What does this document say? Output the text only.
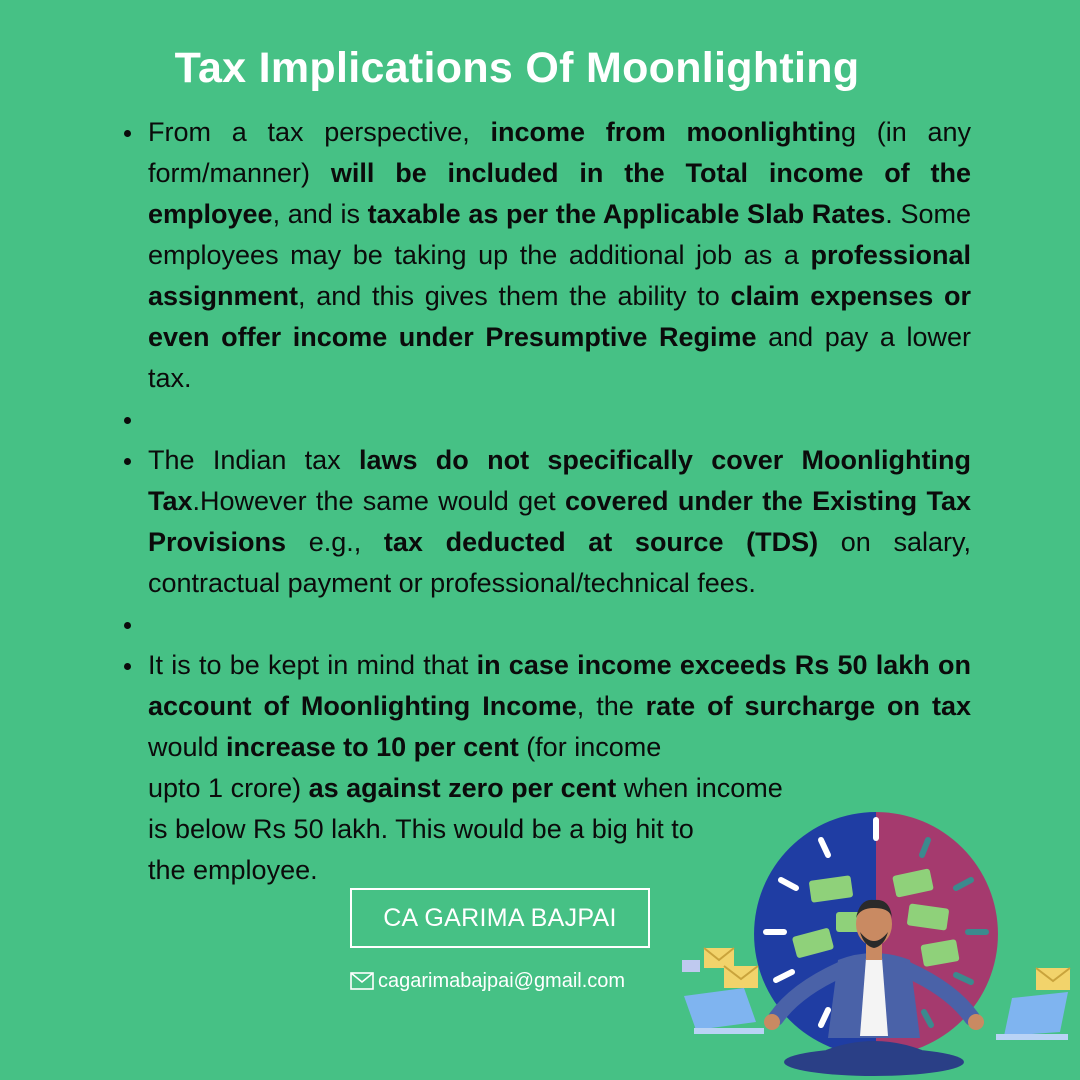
Tax Implications Of Moonlighting

From a tax perspective, income from moonlighting (in any form/manner) will be included in the Total income of the employee, and is taxable as per the Applicable Slab Rates. Some employees may be taking up the additional job as a professional assignment, and this gives them the ability to claim expenses or even offer income under Presumptive Regime and pay a lower tax.

The Indian tax laws do not specifically cover Moonlighting Tax.However the same would get covered under the Existing Tax Provisions e.g., tax deducted at source (TDS) on salary, contractual payment or professional/technical fees.

It is to be kept in mind that in case income exceeds Rs 50 lakh on account of Moonlighting Income, the rate of surcharge on tax would increase to 10 per cent (for income

upto 1 crore) as against zero per cent when income
is below Rs 50 lakh. This would be a big hit to
the employee.
CA GARIMA BAJPAI
cagarimabajpai@gmail.com
